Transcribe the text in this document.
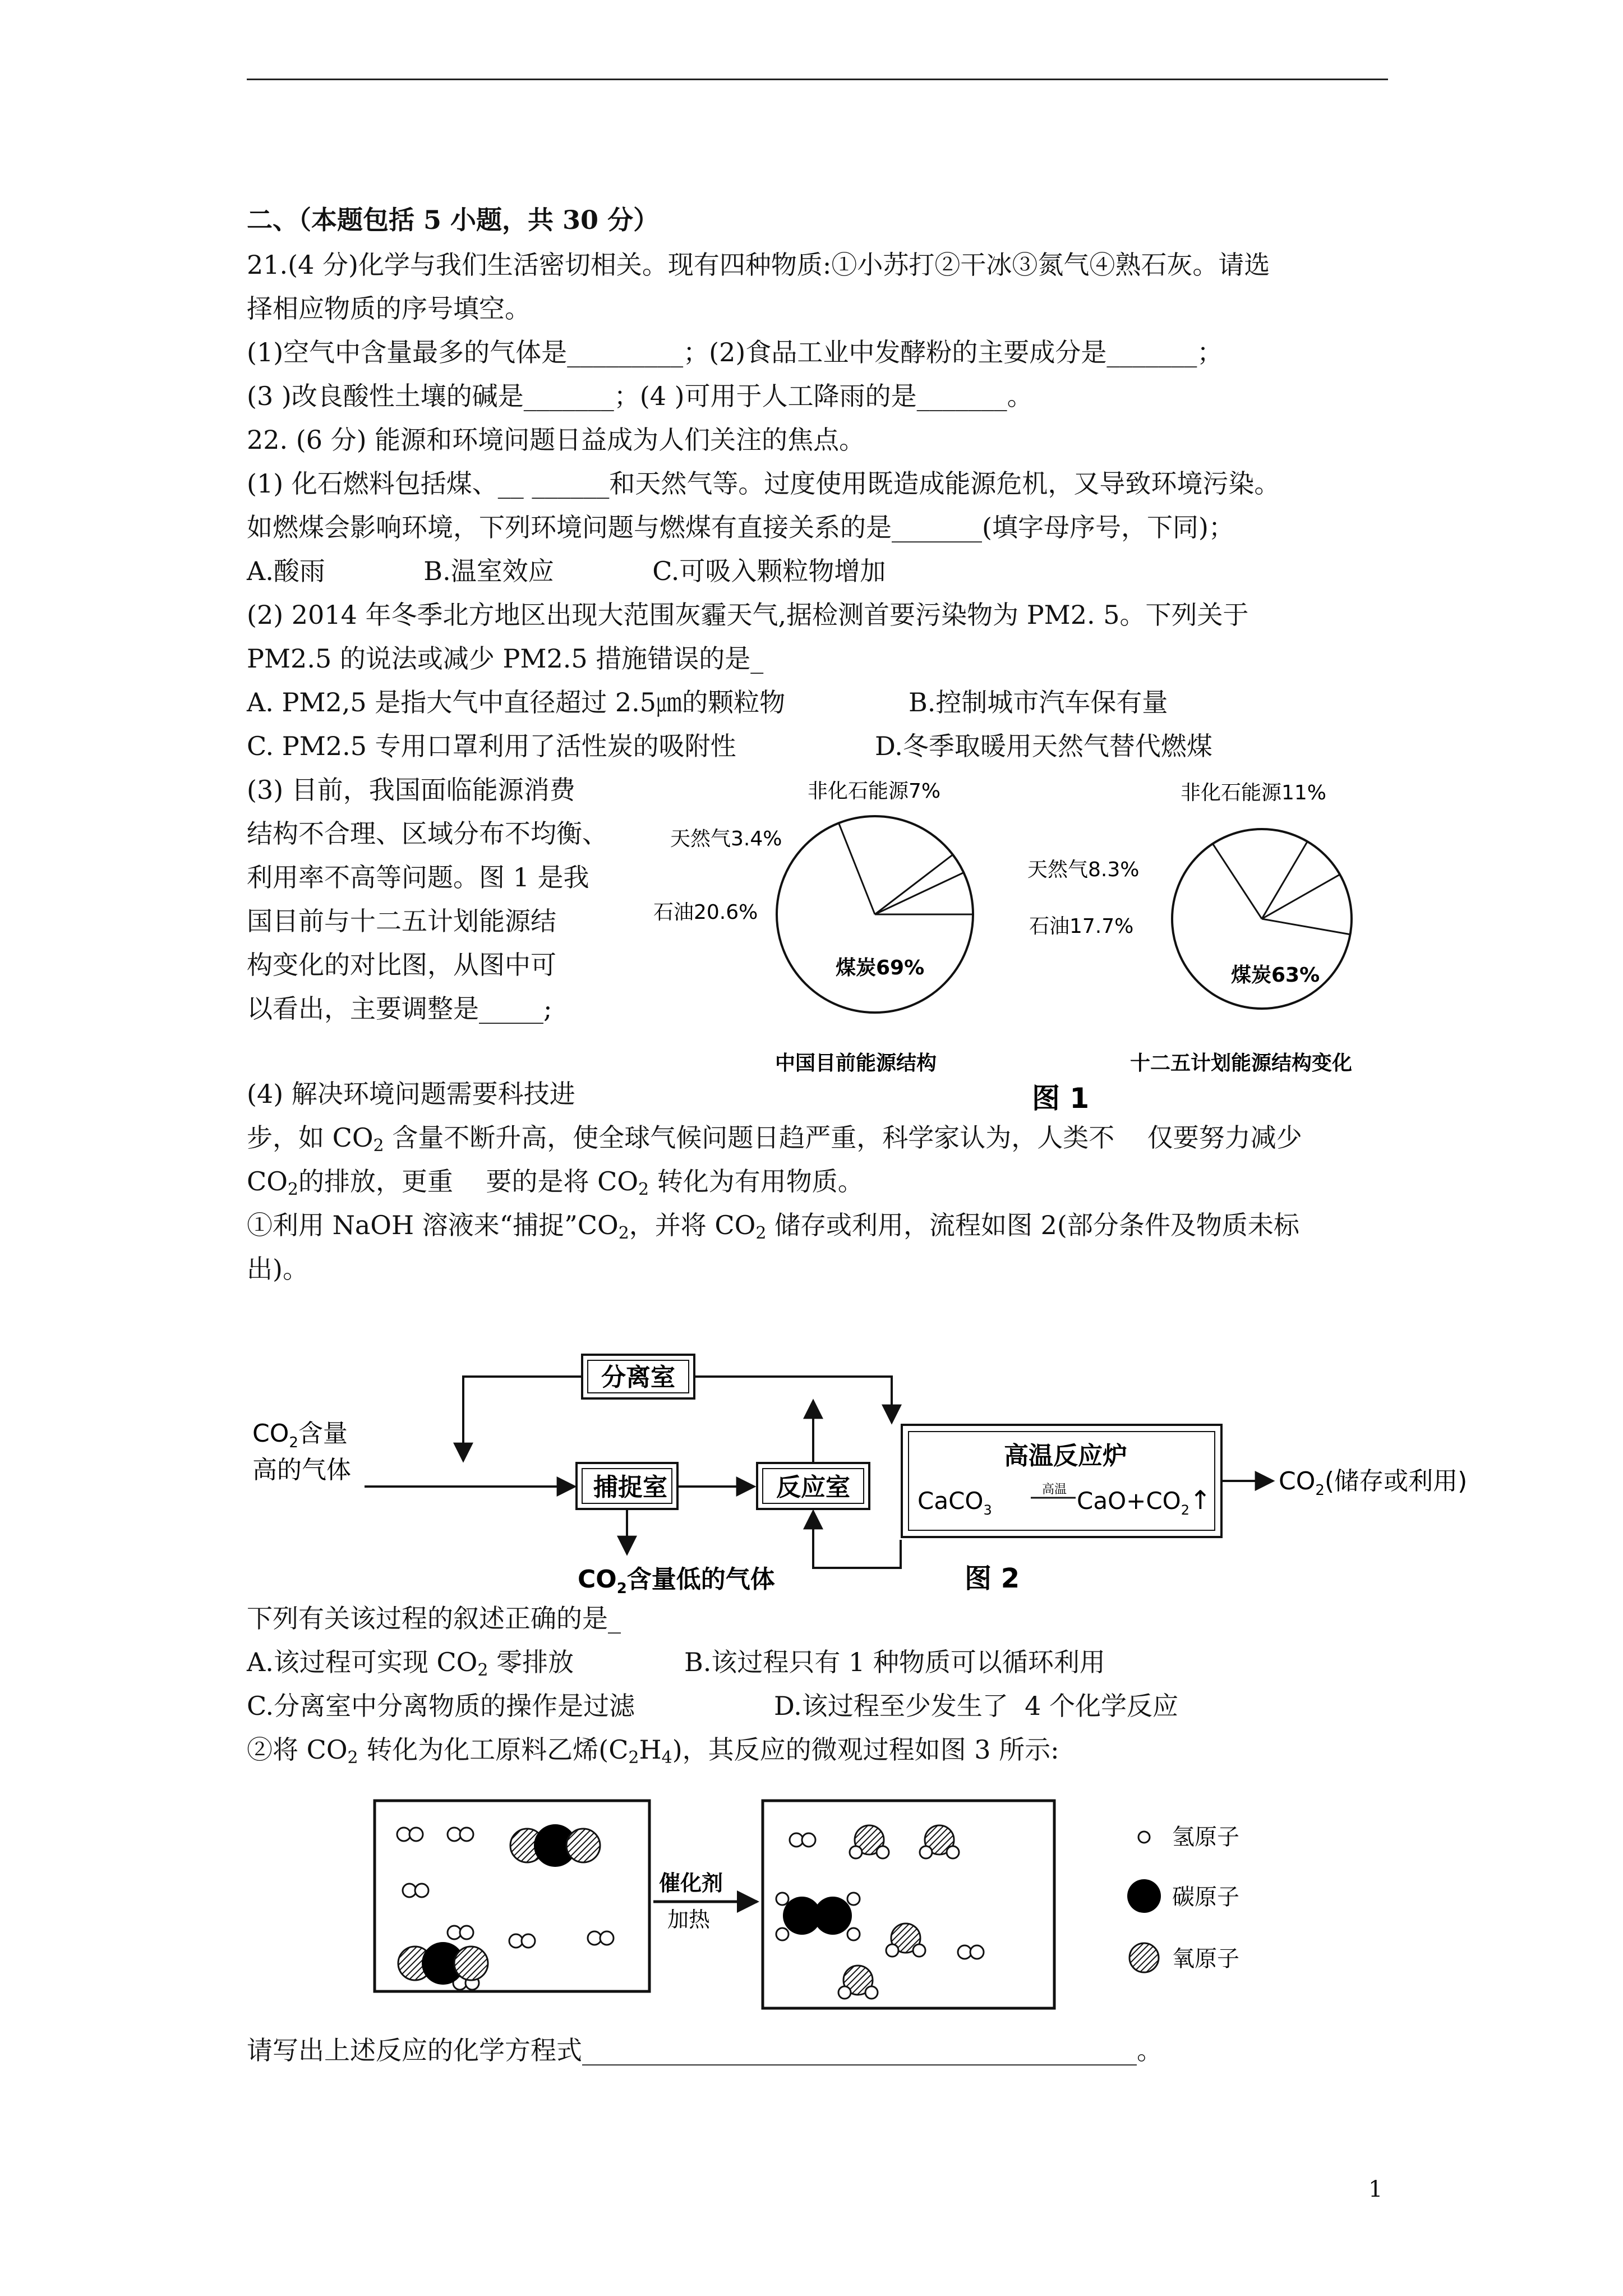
二、（本题包括 5 小题，共 30 分）
21.(4 分)化学与我们生活密切相关。现有四种物质:①小苏打②干冰③氮气④熟石灰。请选
择相应物质的序号填空。
(1)空气中含量最多的气体是_________；(2)食品工业中发酵粉的主要成分是_______；
(3 )改良酸性土壤的碱是_______；(4 )可用于人工降雨的是_______。
22. (6 分) 能源和环境问题日益成为人们关注的焦点。
(1) 化石燃料包括煤、__ ______和天然气等。过度使用既造成能源危机，又导致环境污染。
如燃煤会影响环境，下列环境问题与燃煤有直接关系的是_______(填字母序号，下同)；
A.酸雨            B.温室效应            C.可吸入颗粒物增加
(2) 2014 年冬季北方地区出现大范围灰霾天气,据检测首要污染物为 PM2. 5。下列关于
PM2.5 的说法或减少 PM2.5 措施错误的是_
A. PM2,5 是指大气中直径超过 2.5㎛的颗粒物	B.控制城市汽车保有量
C. PM2.5 专用口罩利用了活性炭的吸附性	D.冬季取暖用天然气替代燃煤
(3) 目前，我国面临能源消费
结构不合理、区域分布不均衡、
利用率不高等问题。图 1 是我
国目前与十二五计划能源结
构变化的对比图，从图中可
以看出，主要调整是_____;
石油20.6%
天然气3.4%
非化石能源7%
煤炭69%
中国目前能源结构
石油17.7%
天然气8.3%
非化石能源11%
煤炭63%
十二五计划能源结构变化
图 1
(4) 解决环境问题需要科技进
步，如 $CO_2$ 含量不断升高，使全球气候问题日趋严重，科学家认为，人类不    仅要努力减少
$CO_2$的排放，更重    要的是将 $CO_2$ 转化为有用物质。
①利用 NaOH 溶液来“捕捉$”CO_2$，并将 $CO_2$ 储存或利用，流程如图 2(部分条件及物质未标
出)。
$CO_2$含量
高的气体
捕捉室
分离室
反应室
高温反应炉
CaCO$_3$
高温 $CaO+CO_2↑$
$CO_2$(储存或利用)
$CO_2$含量低的气体	图 2
下列有关该过程的叙述正确的是_
A.该过程可实现 $CO_2$ 零排放	B.该过程只有 1 种物质可以循环利用
C.分离室中分离物质的操作是过滤	D.该过程至少发生了  4 个化学反应
②将 $CO_2$ 转化为化工原料乙烯$(C_2H_4)$，其反应的微观过程如图 3 所示:
催化剂
加热
氢原子
碳原子
氧原子
请写出上述反应的化学方程式___________________________________________。
1
